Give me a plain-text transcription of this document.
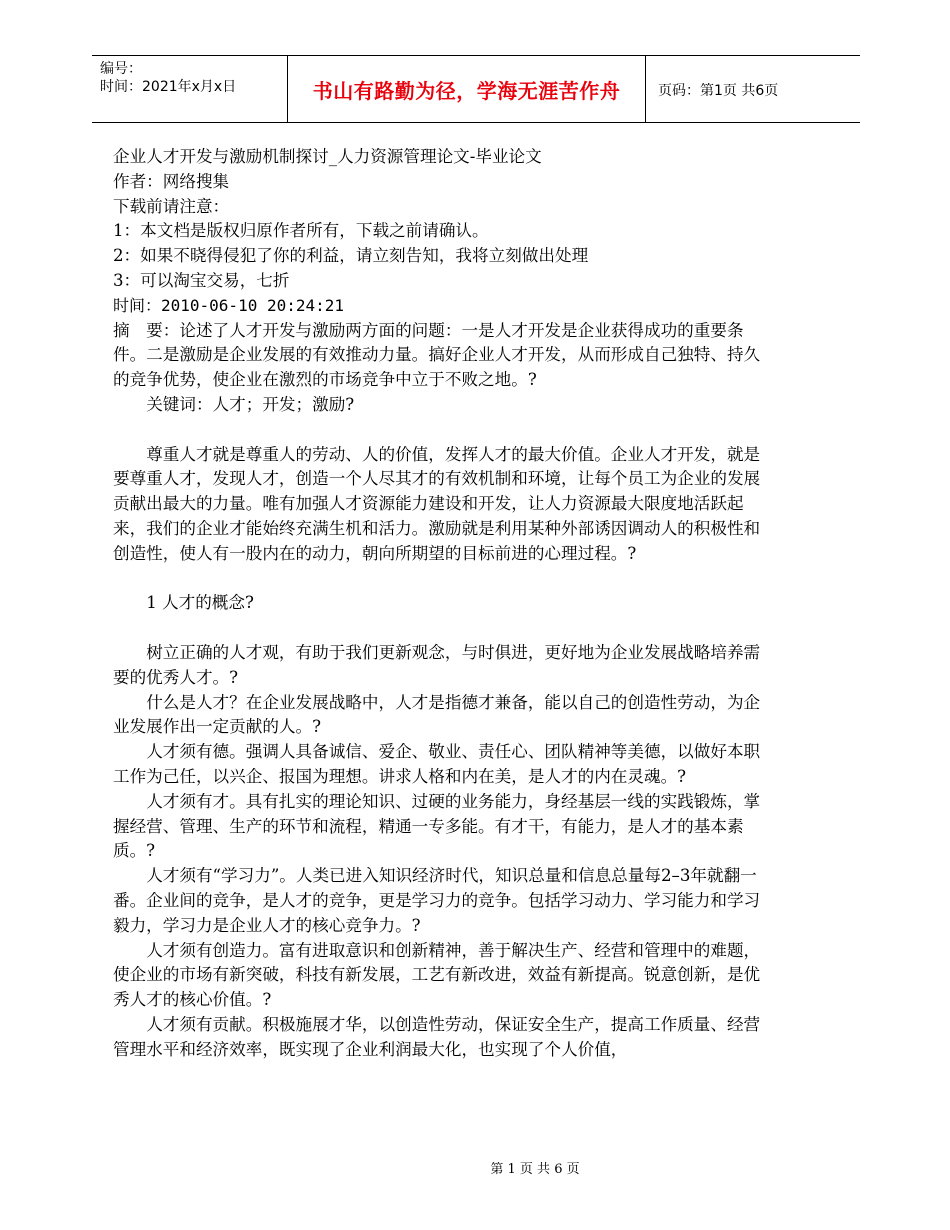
编号：
时间：2021年x月x日	书山有路勤为径，学海无涯苦作舟	页码：第1页 共6页

企业人才开发与激励机制探讨_人力资源管理论文-毕业论文

作者：网络搜集

下载前请注意：

1：本文档是版权归原作者所有，下载之前请确认。

2：如果不晓得侵犯了你的利益，请立刻告知，我将立刻做出处理

3：可以淘宝交易，七折

时间：2010-06-10 20:24:21

摘　要：论述了人才开发与激励两方面的问题：一是人才开发是企业获得成功的重要条件。二是激励是企业发展的有效推动力量。搞好企业人才开发，从而形成自己独特、持久的竞争优势，使企业在激烈的市场竞争中立于不败之地。?

关键词：人才；开发；激励?

尊重人才就是尊重人的劳动、人的价值，发挥人才的最大价值。企业人才开发，就是要尊重人才，发现人才，创造一个人尽其才的有效机制和环境，让每个员工为企业的发展贡献出最大的力量。唯有加强人才资源能力建设和开发，让人力资源最大限度地活跃起来，我们的企业才能始终充满生机和活力。激励就是利用某种外部诱因调动人的积极性和创造性，使人有一股内在的动力，朝向所期望的目标前进的心理过程。?

1 人才的概念?

树立正确的人才观，有助于我们更新观念，与时俱进，更好地为企业发展战略培养需要的优秀人才。?

什么是人才？在企业发展战略中，人才是指德才兼备，能以自己的创造性劳动，为企业发展作出一定贡献的人。?

人才须有德。强调人具备诚信、爱企、敬业、责任心、团队精神等美德，以做好本职工作为己任，以兴企、报国为理想。讲求人格和内在美，是人才的内在灵魂。?

人才须有才。具有扎实的理论知识、过硬的业务能力，身经基层一线的实践锻炼，掌握经营、管理、生产的环节和流程，精通一专多能。有才干，有能力，是人才的基本素质。?

人才须有“学习力”。人类已进入知识经济时代，知识总量和信息总量每2–3年就翻一番。企业间的竞争，是人才的竞争，更是学习力的竞争。包括学习动力、学习能力和学习毅力，学习力是企业人才的核心竞争力。?

人才须有创造力。富有进取意识和创新精神，善于解决生产、经营和管理中的难题，使企业的市场有新突破，科技有新发展，工艺有新改进，效益有新提高。锐意创新，是优秀人才的核心价值。?

人才须有贡献。积极施展才华，以创造性劳动，保证安全生产，提高工作质量、经营管理水平和经济效率，既实现了企业利润最大化，也实现了个人价值，

第 1 页 共 6 页
